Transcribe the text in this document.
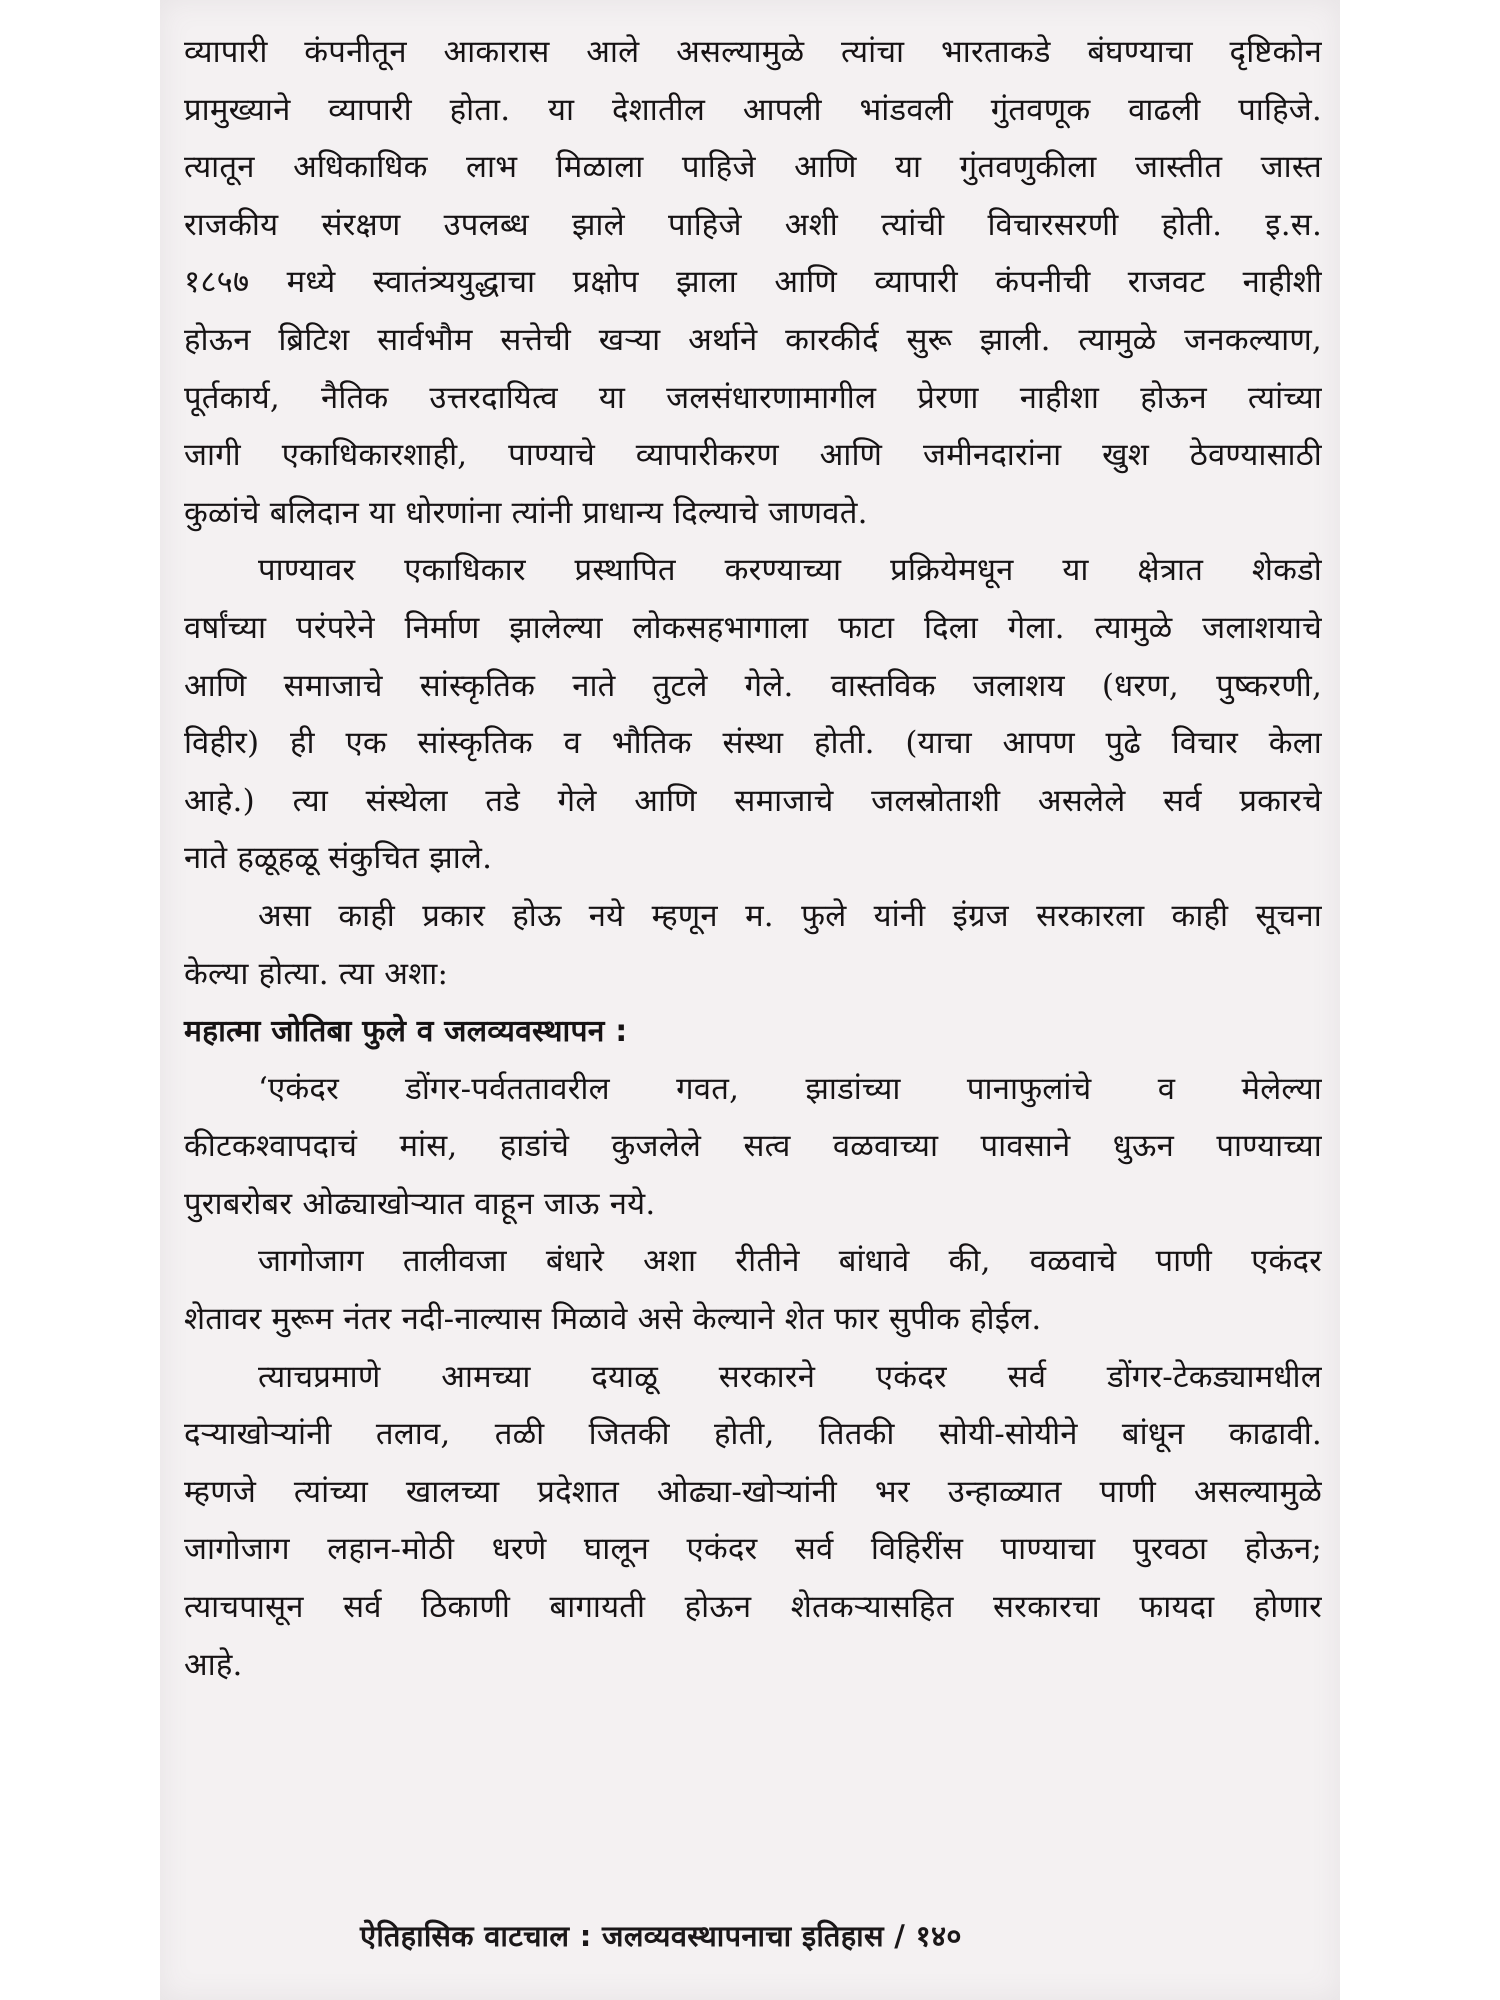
व्यापारी कंपनीतून आकारास आले असल्यामुळे त्यांचा भारताकडे बंघण्याचा दृष्टिकोन
प्रामुख्याने व्यापारी होता. या देशातील आपली भांडवली गुंतवणूक वाढली पाहिजे.
त्यातून अधिकाधिक लाभ मिळाला पाहिजे आणि या गुंतवणुकीला जास्तीत जास्त
राजकीय संरक्षण उपलब्ध झाले पाहिजे अशी त्यांची विचारसरणी होती. इ.स.
१८५७ मध्ये स्वातंत्र्ययुद्धाचा प्रक्षोप झाला आणि व्यापारी कंपनीची राजवट नाहीशी
होऊन ब्रिटिश सार्वभौम सत्तेची खऱ्या अर्थाने कारकीर्द सुरू झाली. त्यामुळे जनकल्याण,
पूर्तकार्य, नैतिक उत्तरदायित्व या जलसंधारणामागील प्रेरणा नाहीशा होऊन त्यांच्या
जागी एकाधिकारशाही, पाण्याचे व्यापारीकरण आणि जमीनदारांना खुश ठेवण्यासाठी
कुळांचे बलिदान या धोरणांना त्यांनी प्राधान्य दिल्याचे जाणवते.
पाण्यावर एकाधिकार प्रस्थापित करण्याच्या प्रक्रियेमधून या क्षेत्रात शेकडो
वर्षांच्या परंपरेने निर्माण झालेल्या लोकसहभागाला फाटा दिला गेला. त्यामुळे जलाशयाचे
आणि समाजाचे सांस्कृतिक नाते तुटले गेले. वास्तविक जलाशय (धरण, पुष्करणी,
विहीर) ही एक सांस्कृतिक व भौतिक संस्था होती. (याचा आपण पुढे विचार केला
आहे.) त्या संस्थेला तडे गेले आणि समाजाचे जलस्रोताशी असलेले सर्व प्रकारचे
नाते हळूहळू संकुचित झाले.
असा काही प्रकार होऊ नये म्हणून म. फुले यांनी इंग्रज सरकारला काही सूचना
केल्या होत्या. त्या अशा:
महात्मा जोतिबा फुले व जलव्यवस्थापन :
‘एकंदर डोंगर-पर्वततावरील गवत, झाडांच्या पानाफुलांचे व मेलेल्या
कीटकश्वापदाचं मांस, हाडांचे कुजलेले सत्व वळवाच्या पावसाने धुऊन पाण्याच्या
पुराबरोबर ओढ्याखोऱ्यात वाहून जाऊ नये.
जागोजाग तालीवजा बंधारे अशा रीतीने बांधावे की, वळवाचे पाणी एकंदर
शेतावर मुरूम नंतर नदी-नाल्यास मिळावे असे केल्याने शेत फार सुपीक होईल.
त्याचप्रमाणे आमच्या दयाळू सरकारने एकंदर सर्व डोंगर-टेकड्यामधील
दऱ्याखोऱ्यांनी तलाव, तळी जितकी होती, तितकी सोयी-सोयीने बांधून काढावी.
म्हणजे त्यांच्या खालच्या प्रदेशात ओढ्या-खोऱ्यांनी भर उन्हाळ्यात पाणी असल्यामुळे
जागोजाग लहान-मोठी धरणे घालून एकंदर सर्व विहिरींस पाण्याचा पुरवठा होऊन;
त्याचपासून सर्व ठिकाणी बागायती होऊन शेतकऱ्यासहित सरकारचा फायदा होणार
आहे.
ऐतिहासिक वाटचाल : जलव्यवस्थापनाचा इतिहास / १४०
